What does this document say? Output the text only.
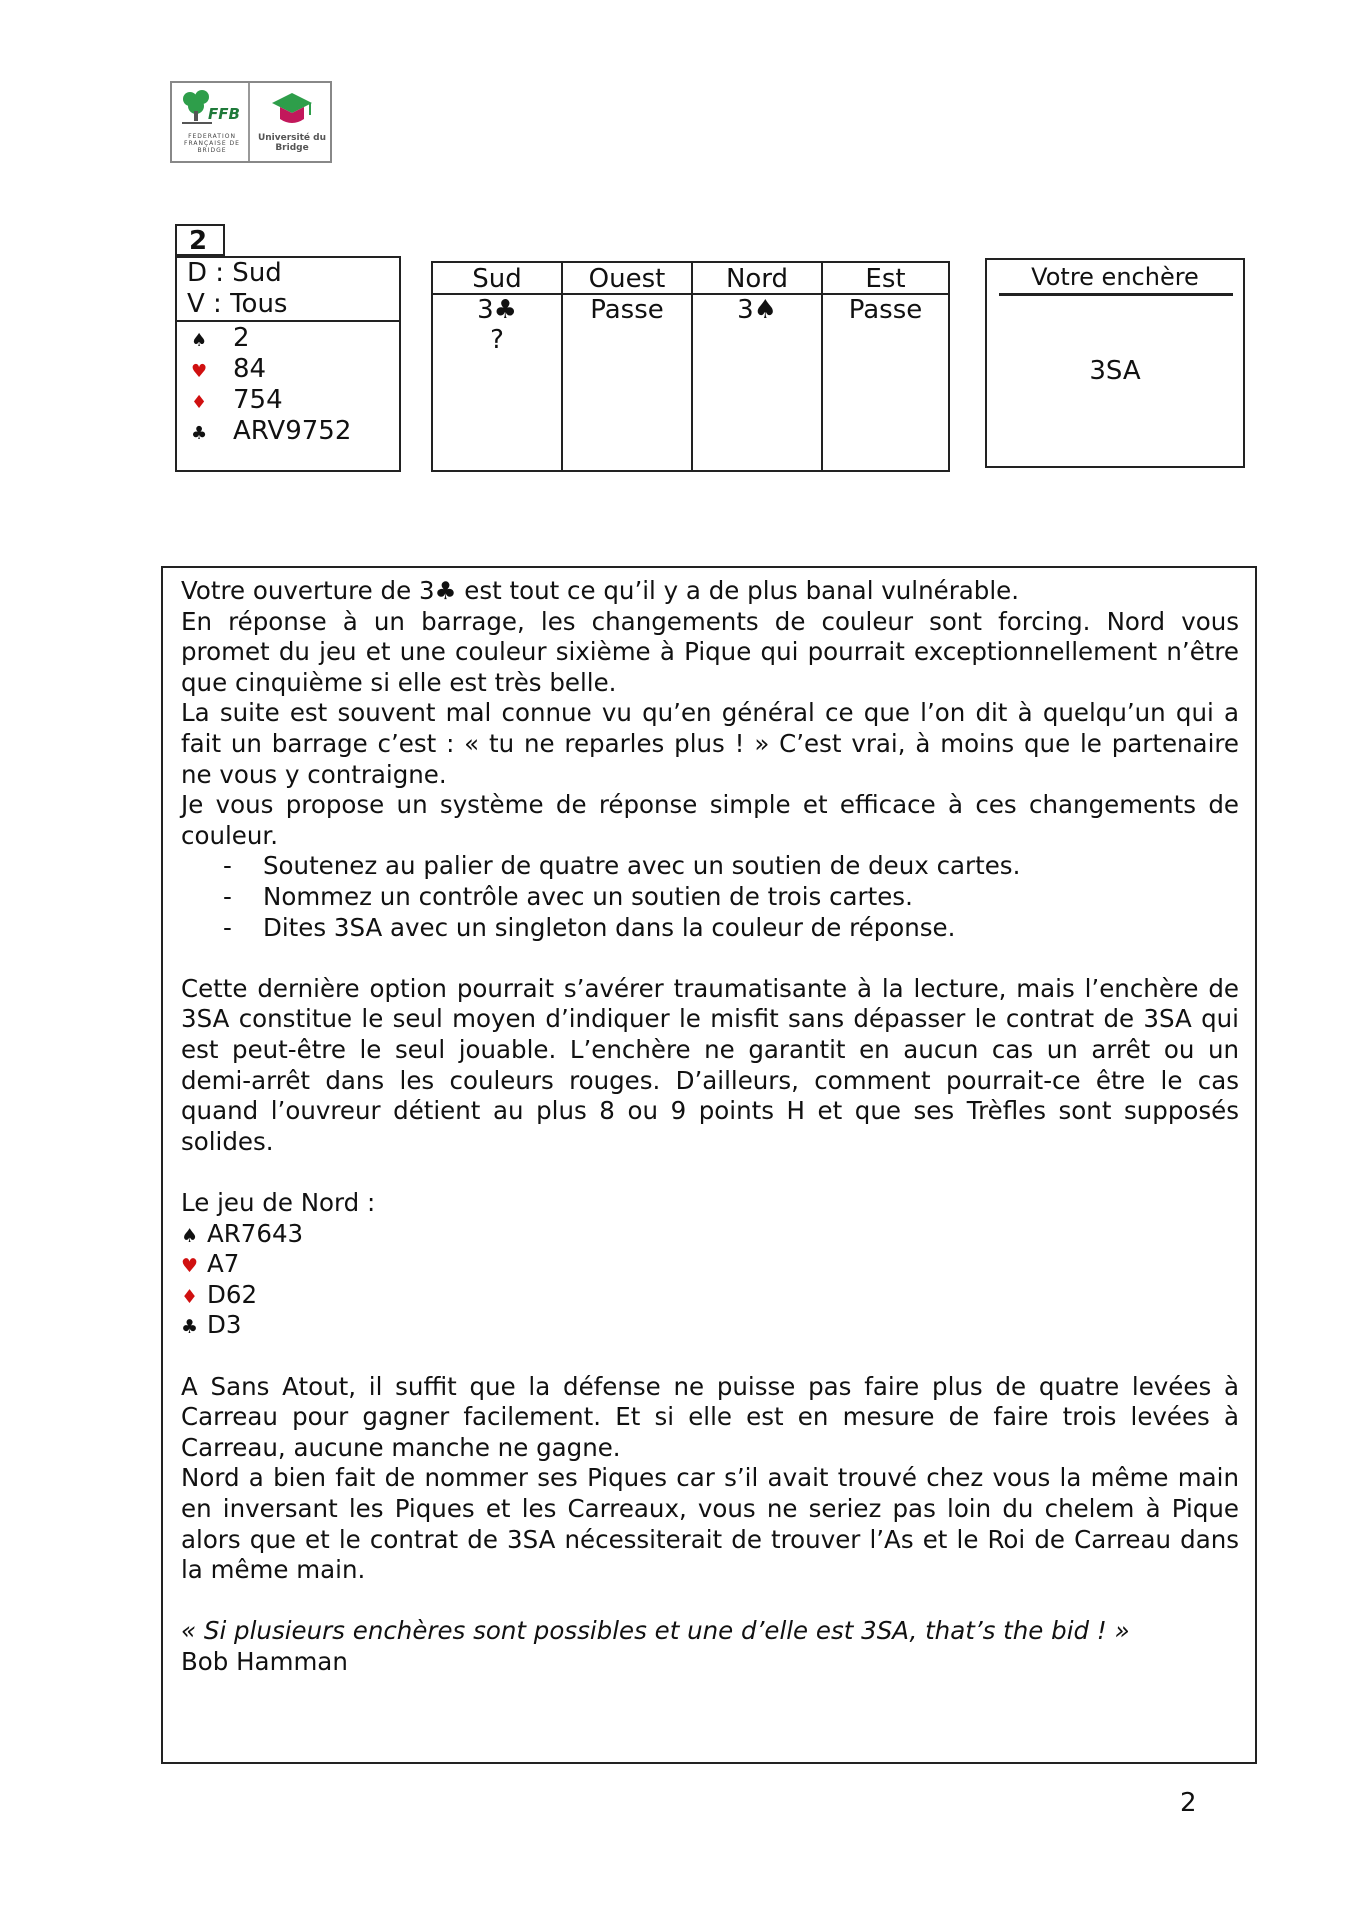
FFB
FEDERATION FRANÇAISE DE BRIDGE
Université du Bridge
2
D : Sud
V : Tous
♠ 2
♥ 84
♦ 754
♣ ARV9752
Sud
3♣
?
Ouest
Passe
Nord
3♠
Est
Passe
Votre enchère
3SA
Votre ouverture de 3♣ est tout ce qu’il y a de plus banal vulnérable.
En réponse à un barrage, les changements de couleur sont forcing. Nord vous
promet du jeu et une couleur sixième à Pique qui pourrait exceptionnellement n’être
que cinquième si elle est très belle.
La suite est souvent mal connue vu qu’en général ce que l’on dit à quelqu’un qui a
fait un barrage c’est : « tu ne reparles plus ! » C’est vrai, à moins que le partenaire
ne vous y contraigne.
Je vous propose un système de réponse simple et efficace à ces changements de
couleur.
- Soutenez au palier de quatre avec un soutien de deux cartes.
- Nommez un contrôle avec un soutien de trois cartes.
- Dites 3SA avec un singleton dans la couleur de réponse.
Cette dernière option pourrait s’avérer traumatisante à la lecture, mais l’enchère de
3SA constitue le seul moyen d’indiquer le misfit sans dépasser le contrat de 3SA qui
est peut-être le seul jouable. L’enchère ne garantit en aucun cas un arrêt ou un
demi-arrêt dans les couleurs rouges. D’ailleurs, comment pourrait-ce être le cas
quand l’ouvreur détient au plus 8 ou 9 points H et que ses Trèfles sont supposés
solides.
Le jeu de Nord :
♠ AR7643
♥ A7
♦ D62
♣ D3
A Sans Atout, il suffit que la défense ne puisse pas faire plus de quatre levées à
Carreau pour gagner facilement. Et si elle est en mesure de faire trois levées à
Carreau, aucune manche ne gagne.
Nord a bien fait de nommer ses Piques car s’il avait trouvé chez vous la même main
en inversant les Piques et les Carreaux, vous ne seriez pas loin du chelem à Pique
alors que et le contrat de 3SA nécessiterait de trouver l’As et le Roi de Carreau dans
la même main.
« Si plusieurs enchères sont possibles et une d’elle est 3SA, that’s the bid ! »
Bob Hamman
2
